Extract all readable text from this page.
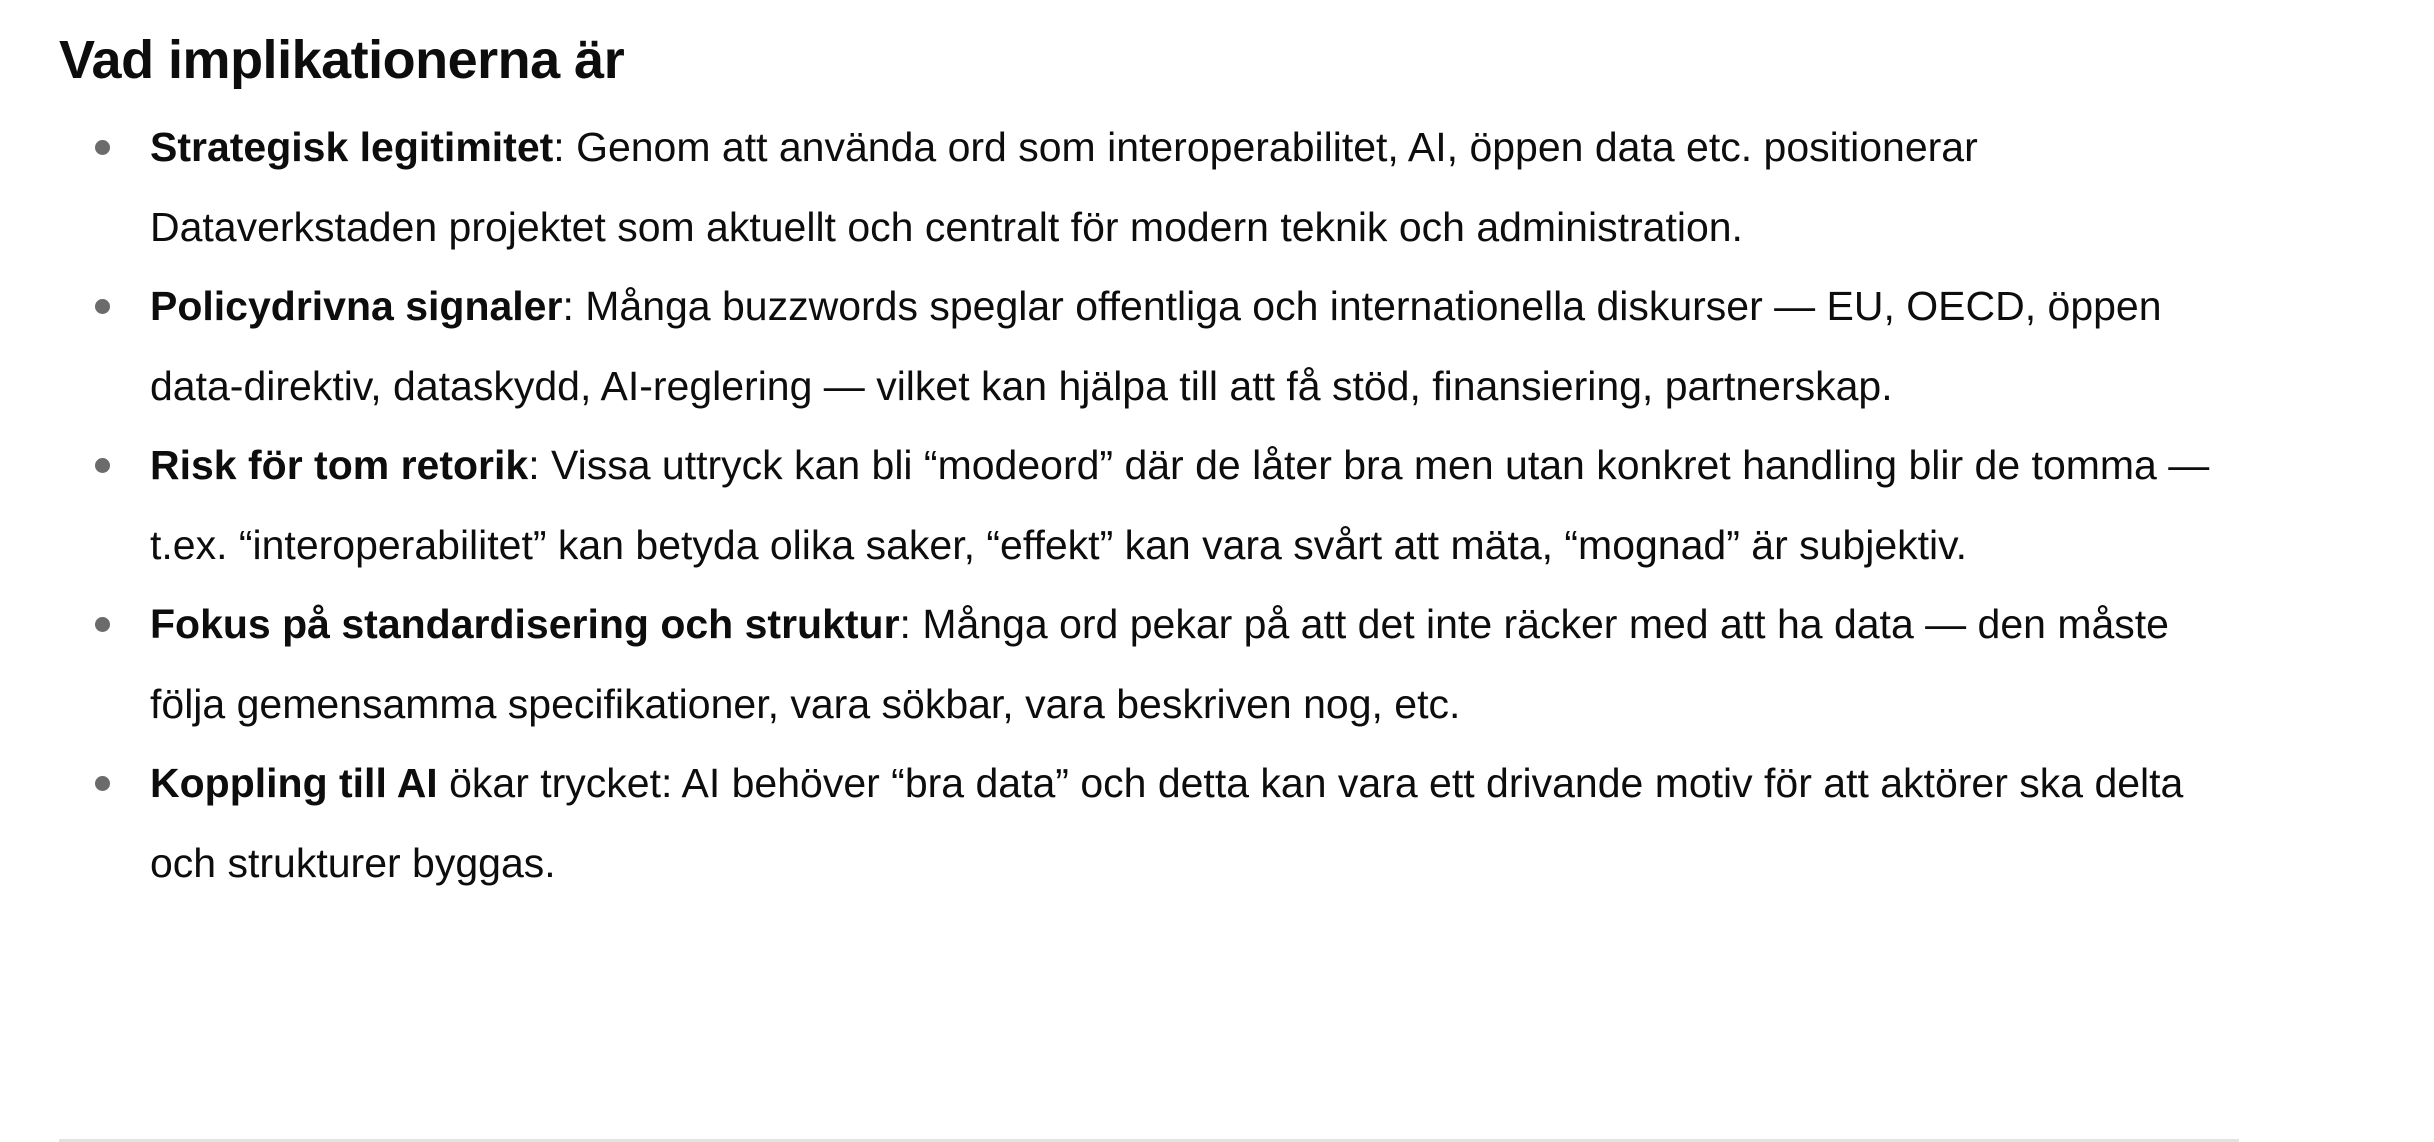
Vad implikationerna är
Strategisk legitimitet: Genom att använda ord som interoperabilitet, AI, öppen data etc. positionerar Dataverkstaden projektet som aktuellt och centralt för modern teknik och administration.
Policydrivna signaler: Många buzzwords speglar offentliga och internationella diskurser — EU, OECD, öppen data-direktiv, dataskydd, AI-reglering — vilket kan hjälpa till att få stöd, finansiering, partnerskap.
Risk för tom retorik: Vissa uttryck kan bli “modeord” där de låter bra men utan konkret handling blir de tomma — t.ex. “interoperabilitet” kan betyda olika saker, “effekt” kan vara svårt att mäta, “mognad” är subjektiv.
Fokus på standardisering och struktur: Många ord pekar på att det inte räcker med att ha data — den måste följa gemensamma specifikationer, vara sökbar, vara beskriven nog, etc.
Koppling till AI ökar trycket: AI behöver “bra data” och detta kan vara ett drivande motiv för att aktörer ska delta och strukturer byggas.
